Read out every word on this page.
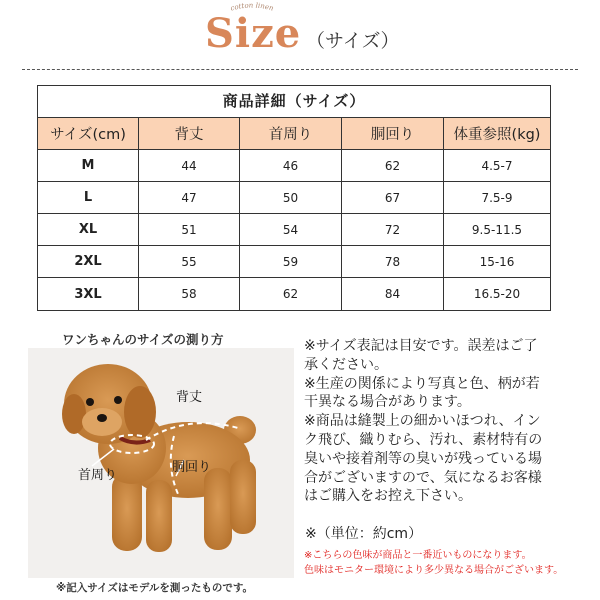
cotton linen
Size （サイズ）
商品詳細（サイズ）
サイズ(cm)	背丈	首周り	胴回り	体重参照(kg)
M	44	46	62	4.5-7
L	47	50	67	7.5-9
XL	51	54	72	9.5-11.5
2XL	55	59	78	15-16
3XL	58	62	84	16.5-20
ワンちゃんのサイズの測り方
背丈
首周り
胴回り
※記入サイズはモデルを測ったものです。

※サイズ表記は目安です。誤差はご了

承ください。

※生産の関係により写真と色、柄が若

干異なる場合があります。

※商品は縫製上の細かいほつれ、イン

ク飛び、織りむら、汚れ、素材特有の

臭いや接着剤等の臭いが残っている場

合がございますので、気になるお客様

はご購入をお控え下さい。

※（単位：約cm）

※こちらの色味が商品と一番近いものになります。

色味はモニター環境により多少異なる場合がございます。
